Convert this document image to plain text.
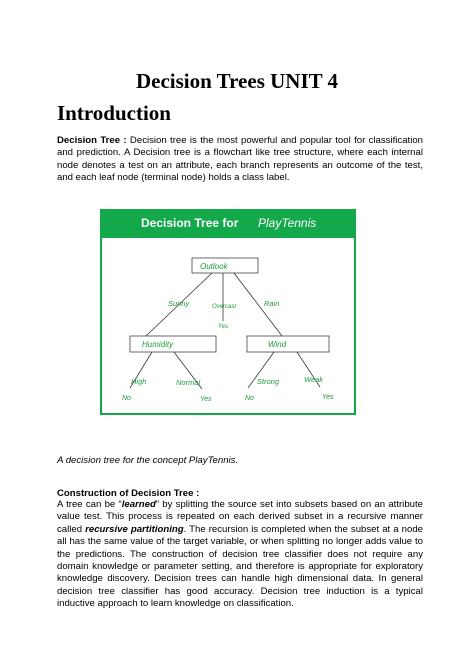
Decision Trees UNIT 4
Introduction
Decision Tree : Decision tree is the most powerful and popular tool for classification and prediction. A Decision tree is a flowchart like tree structure, where each internal node denotes a test on an attribute, each branch represents an outcome of the test, and each leaf node (terminal node) holds a class label.
Decision Tree for PlayTennis
Outlook
Sunny	Overcast	Rain
Yes
Humidity	Wind
High	Normal	Strong	Weak
No	Yes	No	Yes
A decision tree for the concept PlayTennis.
Construction of Decision Tree :
A tree can be “learned” by splitting the source set into subsets based on an attribute value test. This process is repeated on each derived subset in a recursive manner called recursive partitioning. The recursion is completed when the subset at a node all has the same value of the target variable, or when splitting no longer adds value to the predictions. The construction of decision tree classifier does not require any domain knowledge or parameter setting, and therefore is appropriate for exploratory knowledge discovery. Decision trees can handle high dimensional data. In general decision tree classifier has good accuracy. Decision tree induction is a typical inductive approach to learn knowledge on classification.
